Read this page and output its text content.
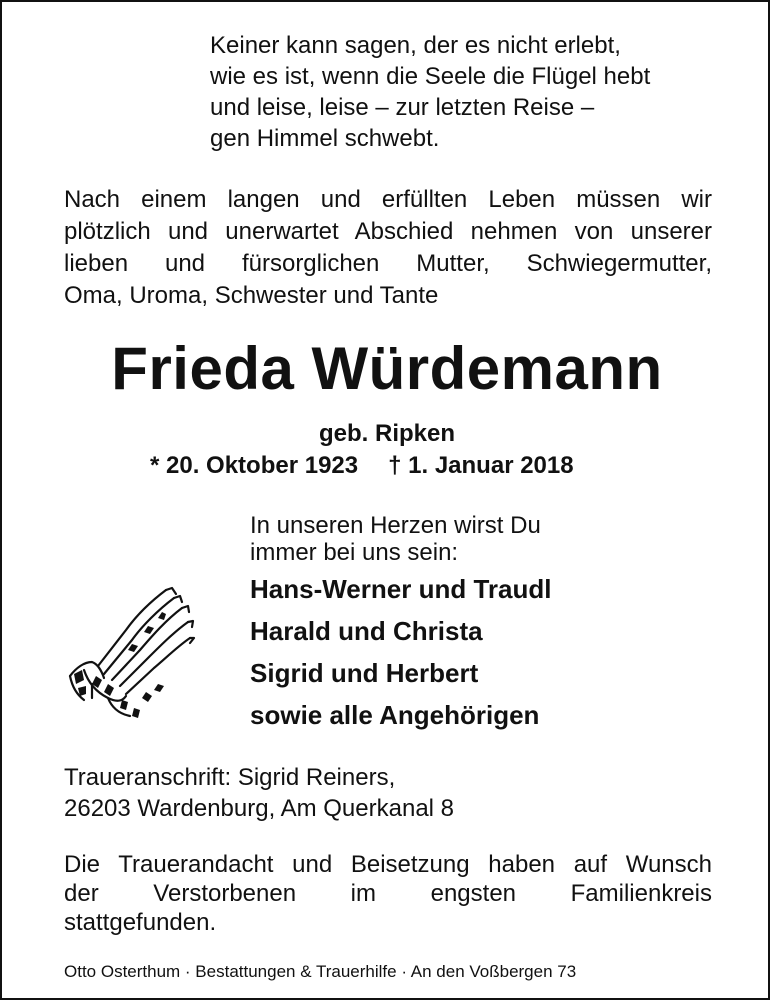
Keiner kann sagen, der es nicht erlebt,
wie es ist, wenn die Seele die Flügel hebt
und leise, leise – zur letzten Reise –
gen Himmel schwebt.
Nach einem langen und erfüllten Leben müssen wir
plötzlich und unerwartet Abschied nehmen von unserer
lieben und fürsorglichen Mutter, Schwiegermutter,
Oma, Uroma, Schwester und Tante
Frieda Würdemann
geb. Ripken
* 20. Oktober 1923 † 1. Januar 2018
In unseren Herzen wirst Du
immer bei uns sein:
Hans-Werner und Traudl
Harald und Christa
Sigrid und Herbert
sowie alle Angehörigen
Traueranschrift: Sigrid Reiners,
26203 Wardenburg, Am Querkanal 8
Die Trauerandacht und Beisetzung haben auf Wunsch
der Verstorbenen im engsten Familienkreis
stattgefunden.
Otto Osterthum · Bestattungen & Trauerhilfe · An den Voßbergen 73
